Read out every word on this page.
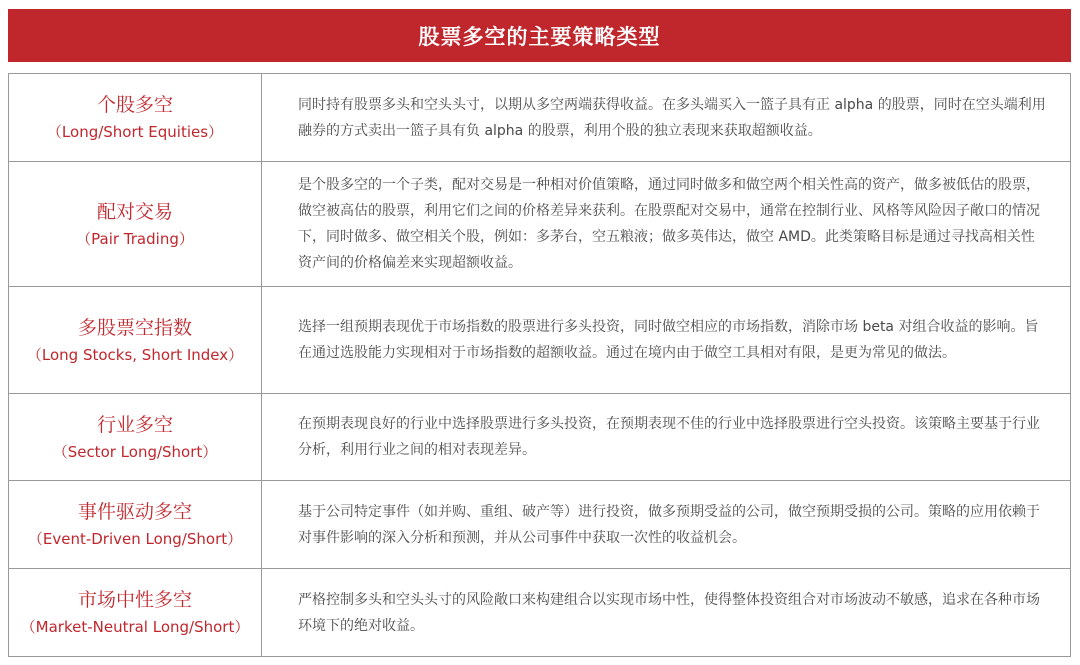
股票多空的主要策略类型
个股多空
（Long/Short Equities）
同时持有股票多头和空头头寸，以期从多空两端获得收益。在多头端买入一篮子具有正 alpha 的股票，同时在空头端利用融券的方式卖出一篮子具有负 alpha 的股票，利用个股的独立表现来获取超额收益。
配对交易
（Pair Trading）
是个股多空的一个子类，配对交易是一种相对价值策略，通过同时做多和做空两个相关性高的资产，做多被低估的股票，做空被高估的股票，利用它们之间的价格差异来获利。在股票配对交易中，通常在控制行业、风格等风险因子敞口的情况下，同时做多、做空相关个股，例如：多茅台，空五粮液；做多英伟达，做空 AMD。此类策略目标是通过寻找高相关性资产间的价格偏差来实现超额收益。
多股票空指数
（Long Stocks, Short Index）
选择一组预期表现优于市场指数的股票进行多头投资，同时做空相应的市场指数，消除市场 beta 对组合收益的影响。旨在通过选股能力实现相对于市场指数的超额收益。通过在境内由于做空工具相对有限，是更为常见的做法。
行业多空
（Sector Long/Short）
在预期表现良好的行业中选择股票进行多头投资，在预期表现不佳的行业中选择股票进行空头投资。该策略主要基于行业分析，利用行业之间的相对表现差异。
事件驱动多空
（Event-Driven Long/Short）
基于公司特定事件（如并购、重组、破产等）进行投资，做多预期受益的公司，做空预期受损的公司。策略的应用依赖于对事件影响的深入分析和预测，并从公司事件中获取一次性的收益机会。
市场中性多空
（Market-Neutral Long/Short）
严格控制多头和空头头寸的风险敞口来构建组合以实现市场中性，使得整体投资组合对市场波动不敏感，追求在各种市场环境下的绝对收益。
